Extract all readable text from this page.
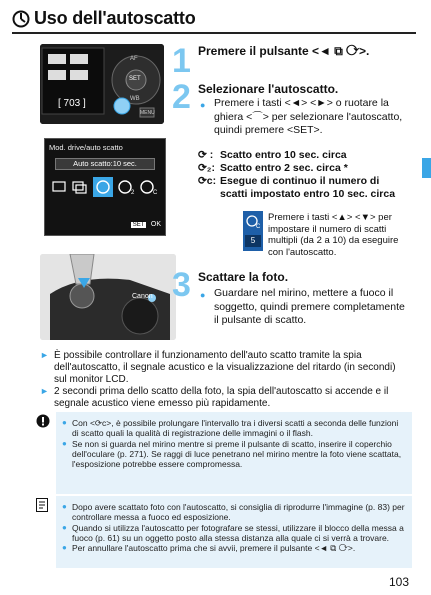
Uso dell'autoscatto
[ 703 ]
AF
WB
SET
MENU
Mod. drive/auto scatto
Auto scatto:10 sec.
2	C
SET OK
Canon
1 Premere il pulsante <◄ ⧉ ⟳>.
2 Selezionare l'autoscatto.
● Premere i tasti <◄> <►> o ruotare la ghiera <⌒> per selezionare l'autoscatto, quindi premere <SET>.
⟳ : Scatto entro 10 sec. circa
⟳₂: Scatto entro 2 sec. circa *
⟳c: Esegue di continuo il numero di scatti impostato entro 10 sec. circa
C
5
Premere i tasti <▲> <▼> per impostare il numero di scatti multipli (da 2 a 10) da eseguire con l'autoscatto.
3 Scattare la foto.
● Guardare nel mirino, mettere a fuoco il soggetto, quindi premere completamente il pulsante di scatto.
► È possibile controllare il funzionamento dell'auto scatto tramite la spia dell'autoscatto, il segnale acustico e la visualizzazione del ritardo (in secondi) sul monitor LCD.
► 2 secondi prima dello scatto della foto, la spia dell'autoscatto si accende e il segnale acustico viene emesso più rapidamente.
● Con <⟳c>, è possibile prolungare l'intervallo tra i diversi scatti a seconda delle funzioni di scatto quali la qualità di registrazione delle immagini o il flash.
● Se non si guarda nel mirino mentre si preme il pulsante di scatto, inserire il coperchio dell'oculare (p. 271). Se raggi di luce penetrano nel mirino mentre la foto viene scattata, l'esposizione potrebbe essere compromessa.
● Dopo avere scattato foto con l'autoscatto, si consiglia di riprodurre l'immagine (p. 83) per controllare messa a fuoco ed esposizione.
● Quando si utilizza l'autoscatto per fotografare se stessi, utilizzare il blocco della messa a fuoco (p. 61) su un oggetto posto alla stessa distanza alla quale ci si verrà a trovare.
● Per annullare l'autoscatto prima che si avvii, premere il pulsante <◄ ⧉ ⟳>.
103
